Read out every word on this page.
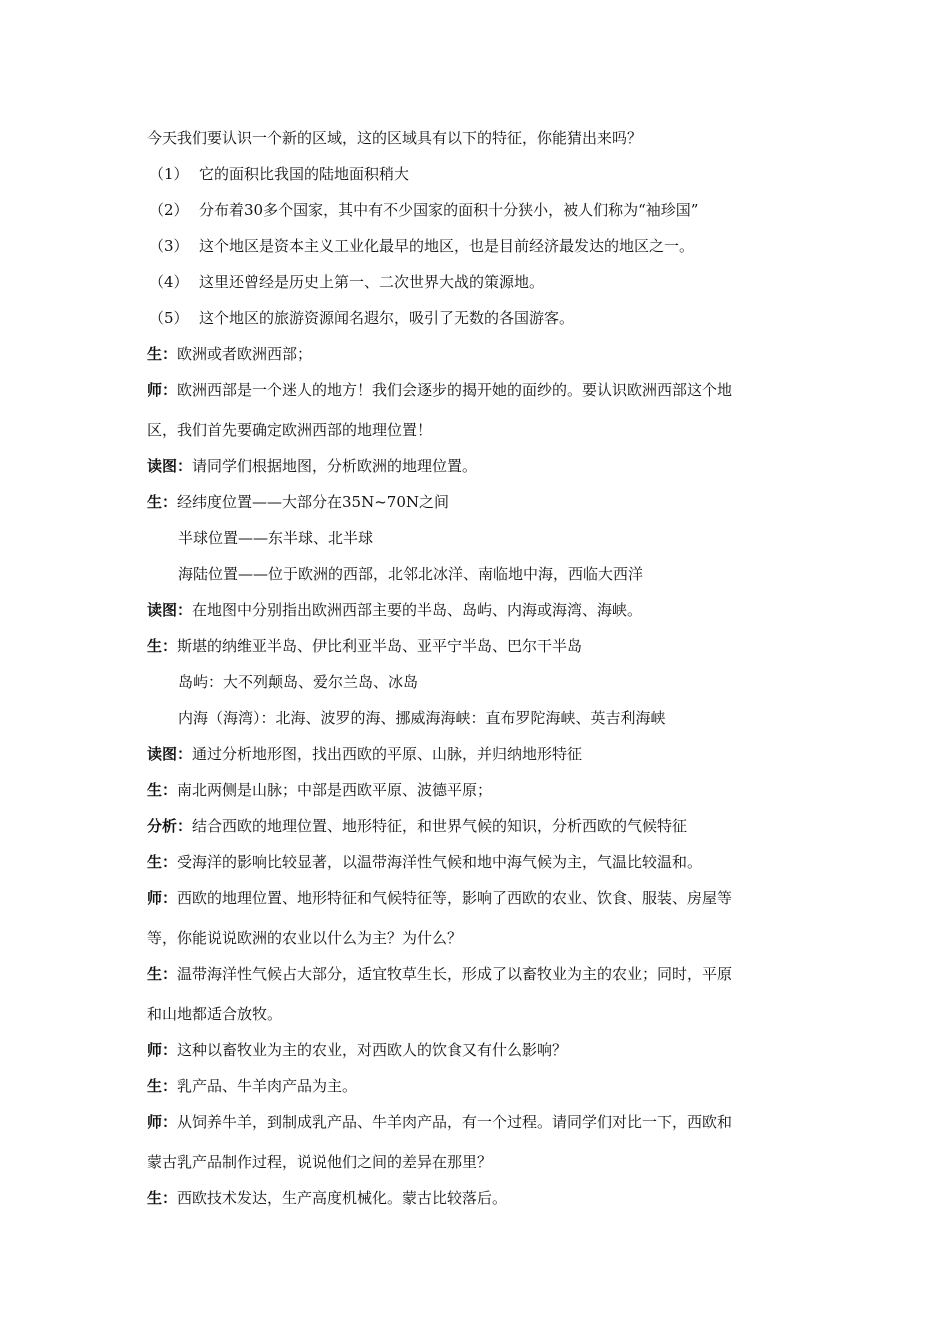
今天我们要认识一个新的区域，这的区域具有以下的特征，你能猜出来吗？
（1） 它的面积比我国的陆地面积稍大
（2） 分布着30多个国家，其中有不少国家的面积十分狭小，被人们称为“袖珍国”
（3） 这个地区是资本主义工业化最早的地区，也是目前经济最发达的地区之一。
（4） 这里还曾经是历史上第一、二次世界大战的策源地。
（5） 这个地区的旅游资源闻名遐尔，吸引了无数的各国游客。
生：欧洲或者欧洲西部；
师：欧洲西部是一个迷人的地方！我们会逐步的揭开她的面纱的。要认识欧洲西部这个地
区，我们首先要确定欧洲西部的地理位置！
读图：请同学们根据地图，分析欧洲的地理位置。
生：经纬度位置——大部分在35N~70N之间
半球位置——东半球、北半球
海陆位置——位于欧洲的西部，北邻北冰洋、南临地中海，西临大西洋
读图：在地图中分别指出欧洲西部主要的半岛、岛屿、内海或海湾、海峡。
生：斯堪的纳维亚半岛、伊比利亚半岛、亚平宁半岛、巴尔干半岛
岛屿：大不列颠岛、爱尔兰岛、冰岛
内海（海湾）：北海、波罗的海、挪威海海峡：直布罗陀海峡、英吉利海峡
读图：通过分析地形图，找出西欧的平原、山脉，并归纳地形特征
生：南北两侧是山脉；中部是西欧平原、波德平原；
分析：结合西欧的地理位置、地形特征，和世界气候的知识，分析西欧的气候特征
生：受海洋的影响比较显著，以温带海洋性气候和地中海气候为主，气温比较温和。
师：西欧的地理位置、地形特征和气候特征等，影响了西欧的农业、饮食、服装、房屋等
等，你能说说欧洲的农业以什么为主？为什么？
生：温带海洋性气候占大部分，适宜牧草生长，形成了以畜牧业为主的农业；同时，平原
和山地都适合放牧。
师：这种以畜牧业为主的农业，对西欧人的饮食又有什么影响？
生：乳产品、牛羊肉产品为主。
师：从饲养牛羊，到制成乳产品、牛羊肉产品，有一个过程。请同学们对比一下，西欧和
蒙古乳产品制作过程，说说他们之间的差异在那里？
生：西欧技术发达，生产高度机械化。蒙古比较落后。
